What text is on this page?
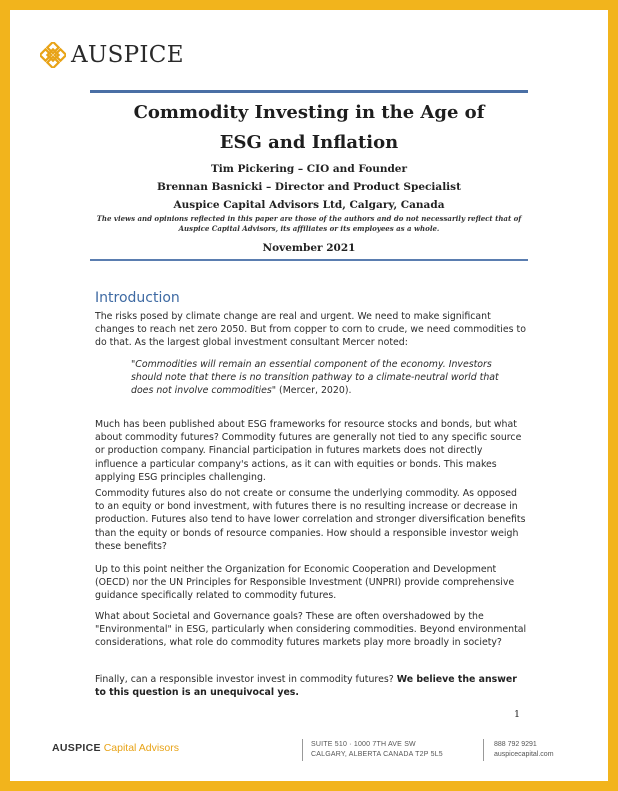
AUSPICE
Commodity Investing in the Age of
ESG and Inflation
Tim Pickering – CIO and Founder
Brennan Basnicki – Director and Product Specialist
Auspice Capital Advisors Ltd, Calgary, Canada
The views and opinions reflected in this paper are those of the authors and do not necessarily reflect that of Auspice Capital Advisors, its affiliates or its employees as a whole.
November 2021
Introduction
The risks posed by climate change are real and urgent. We need to make significant changes to reach net zero 2050. But from copper to corn to crude, we need commodities to do that. As the largest global investment consultant Mercer noted:
"Commodities will remain an essential component of the economy. Investors should note that there is no transition pathway to a climate-neutral world that does not involve commodities" (Mercer, 2020).
Much has been published about ESG frameworks for resource stocks and bonds, but what about commodity futures? Commodity futures are generally not tied to any specific source or production company. Financial participation in futures markets does not directly influence a particular company's actions, as it can with equities or bonds. This makes applying ESG principles challenging.
Commodity futures also do not create or consume the underlying commodity. As opposed to an equity or bond investment, with futures there is no resulting increase or decrease in production. Futures also tend to have lower correlation and stronger diversification benefits than the equity or bonds of resource companies. How should a responsible investor weigh these benefits?
Up to this point neither the Organization for Economic Cooperation and Development (OECD) nor the UN Principles for Responsible Investment (UNPRI) provide comprehensive guidance specifically related to commodity futures.
What about Societal and Governance goals? These are often overshadowed by the "Environmental" in ESG, particularly when considering commodities. Beyond environmental considerations, what role do commodity futures markets play more broadly in society?
Finally, can a responsible investor invest in commodity futures? We believe the answer to this question is an unequivocal yes.
1
AUSPICE Capital Advisors	SUITE 510 · 1000 7TH AVE SW
CALGARY, ALBERTA CANADA T2P 5L5
888 792 9291
auspicecapital.com
